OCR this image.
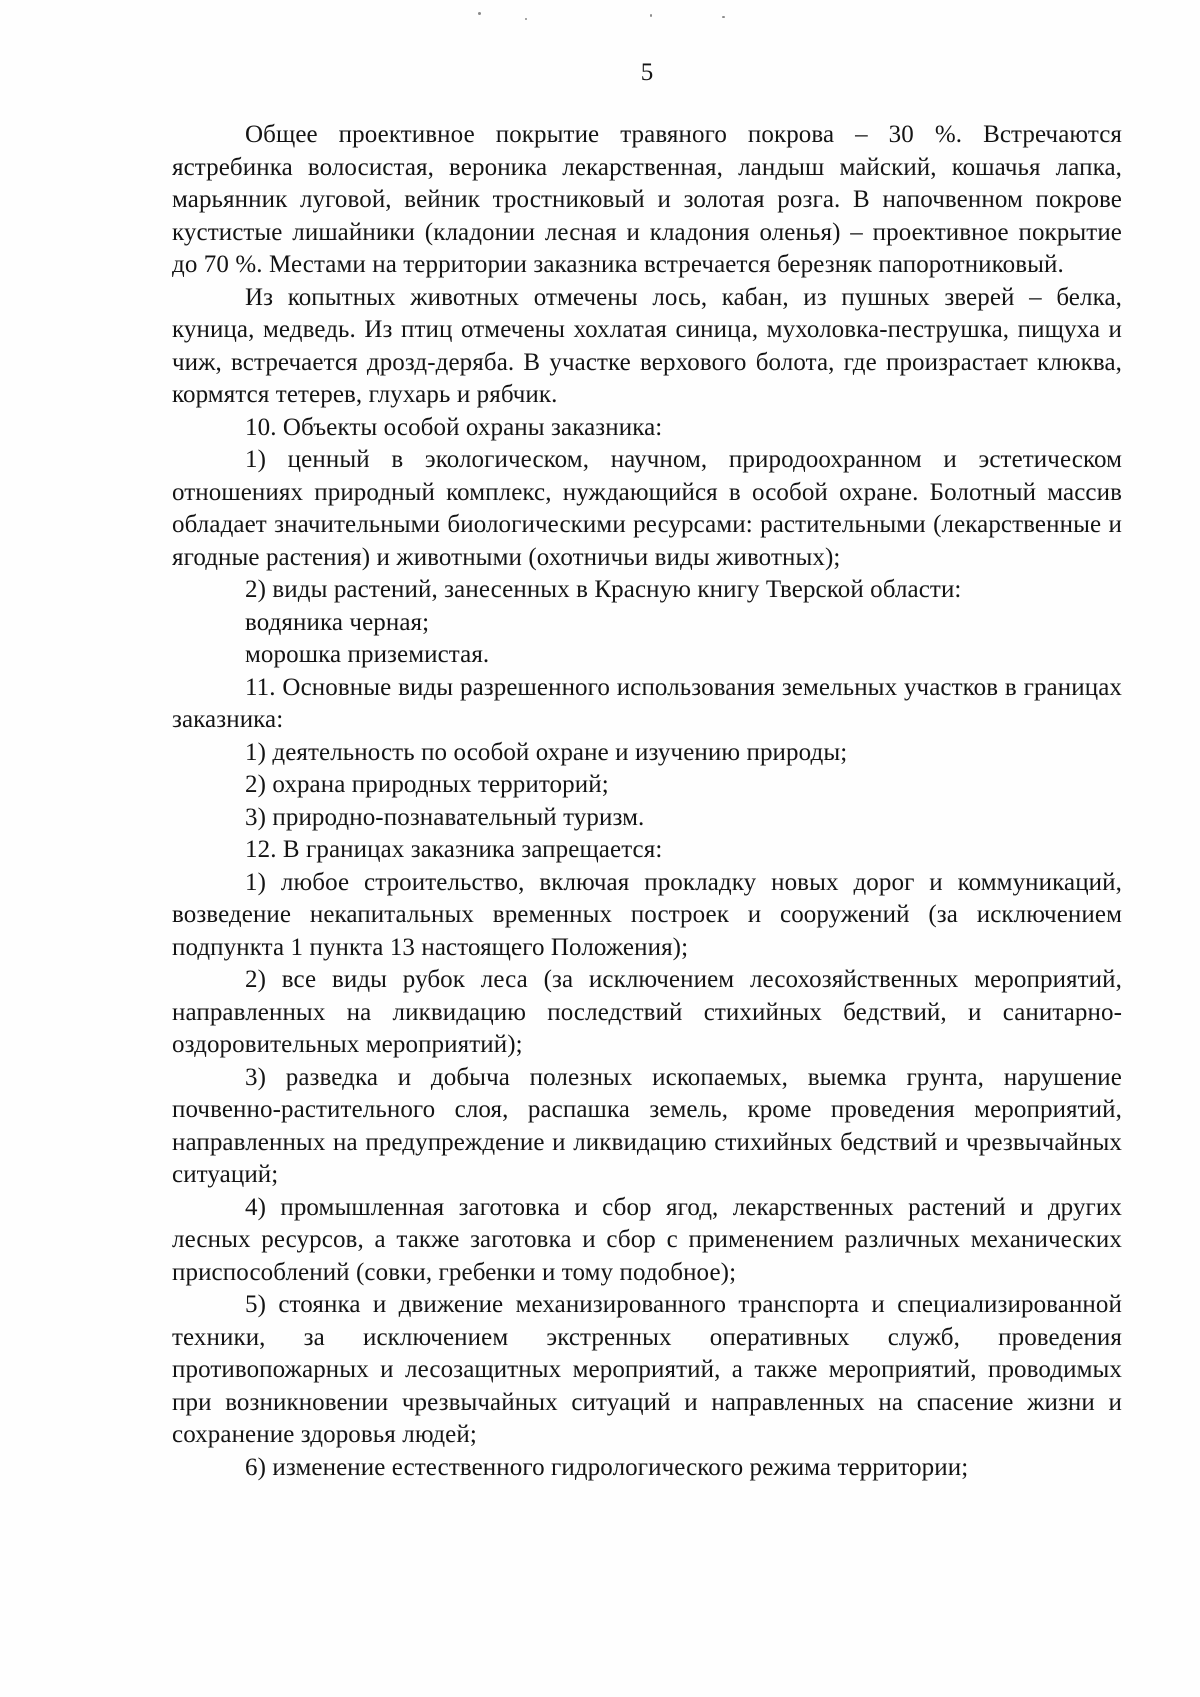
5

Общее проективное покрытие травяного покрова – 30 %. Встречаются ястребинка волосистая, вероника лекарственная, ландыш майский, кошачья лапка, марьянник луговой, вейник тростниковый и золотая розга. В напочвенном покрове кустистые лишайники (кладонии лесная и кладония оленья) – проективное покрытие до 70 %. Местами на территории заказника встречается березняк папоротниковый.

Из копытных животных отмечены лось, кабан, из пушных зверей – белка, куница, медведь. Из птиц отмечены хохлатая синица, мухоловка-пеструшка, пищуха и чиж, встречается дрозд-деряба. В участке верхового болота, где произрастает клюква, кормятся тетерев, глухарь и рябчик.

10. Объекты особой охраны заказника:

1) ценный в экологическом, научном, природоохранном и эстетическом отношениях природный комплекс, нуждающийся в особой охране. Болотный массив обладает значительными биологическими ресурсами: растительными (лекарственные и ягодные растения) и животными (охотничьи виды животных);

2) виды растений, занесенных в Красную книгу Тверской области:

водяника черная;

морошка приземистая.

11. Основные виды разрешенного использования земельных участков в границах заказника:

1) деятельность по особой охране и изучению природы;

2) охрана природных территорий;

3) природно-познавательный туризм.

12. В границах заказника запрещается:

1) любое строительство, включая прокладку новых дорог и коммуникаций, возведение некапитальных временных построек и сооружений (за исключением подпункта 1 пункта 13 настоящего Положения);

2) все виды рубок леса (за исключением лесохозяйственных мероприятий, направленных на ликвидацию последствий стихийных бедствий, и санитарно-оздоровительных мероприятий);

3) разведка и добыча полезных ископаемых, выемка грунта, нарушение почвенно-растительного слоя, распашка земель, кроме проведения мероприятий, направленных на предупреждение и ликвидацию стихийных бедствий и чрезвычайных ситуаций;

4) промышленная заготовка и сбор ягод, лекарственных растений и других лесных ресурсов, а также заготовка и сбор с применением различных механических приспособлений (совки, гребенки и тому подобное);

5) стоянка и движение механизированного транспорта и специализированной техники, за исключением экстренных оперативных служб, проведения противопожарных и лесозащитных мероприятий, а также мероприятий, проводимых при возникновении чрезвычайных ситуаций и направленных на спасение жизни и сохранение здоровья людей;

6) изменение естественного гидрологического режима территории;
